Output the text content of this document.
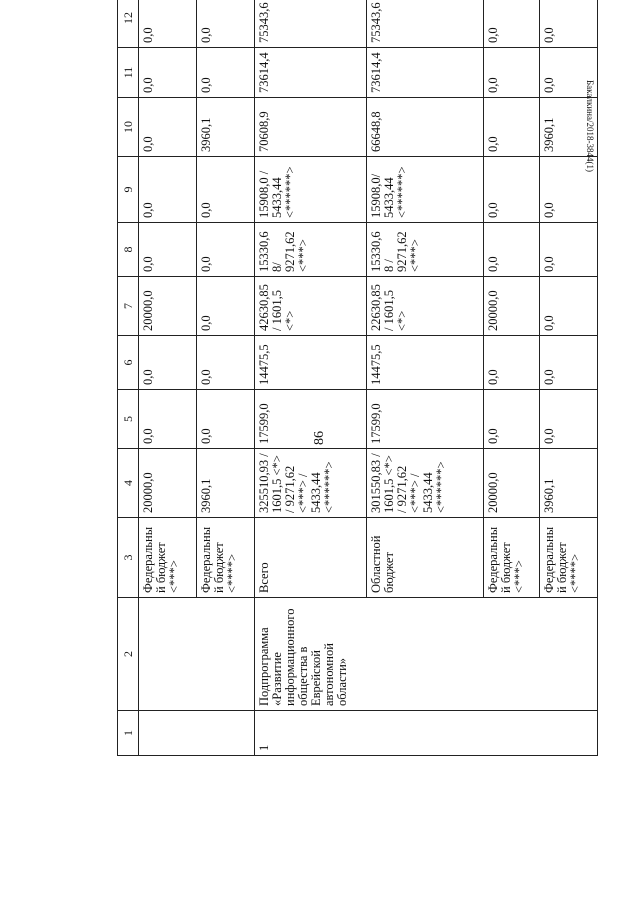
86
1	2	3	4	5	6	7	8	9	10	11	12
		Федеральный бюджет <***>	20000,0	0,0	0,0	20000,0	0,0	0,0	0,0	0,0	0,0
		Федеральный бюджет <****>	3960,1	0,0	0,0	0,0	0,0	0,0	3960,1	0,0	0,0
1	Подпрограмма «Развитие информационного общества в Еврейской автономной области»	Всего	325510,93 / 1601,5 <*> / 9271,62 <***> / 5433,44 <******>	17599,0	14475,5	42630,85 / 1601,5 <*>	15330,6 8/ 9271,62 <***>	15908,0 / 5433,44 <******>	70608,9	73614,4	75343,6
		Областной бюджет	301550,83 / 1601,5 <*> / 9271,62 <***> / 5433,44 <******>	17599,0	14475,5	22630,85 / 1601,5 <*>	15330,6 8 / 9271,62 <***>	15908,0/ 5433,44 <******>	66648,8	73614,4	75343,6
		Федеральный бюджет <***>	20000,0	0,0	0,0	20000,0	0,0	0,0	0,0	0,0	0,0
		Федеральный бюджет <****>	3960,1	0,0	0,0	0,0	0,0	0,0	3960,1	0,0	0,0
Бакалкина/2018-3844(1)
